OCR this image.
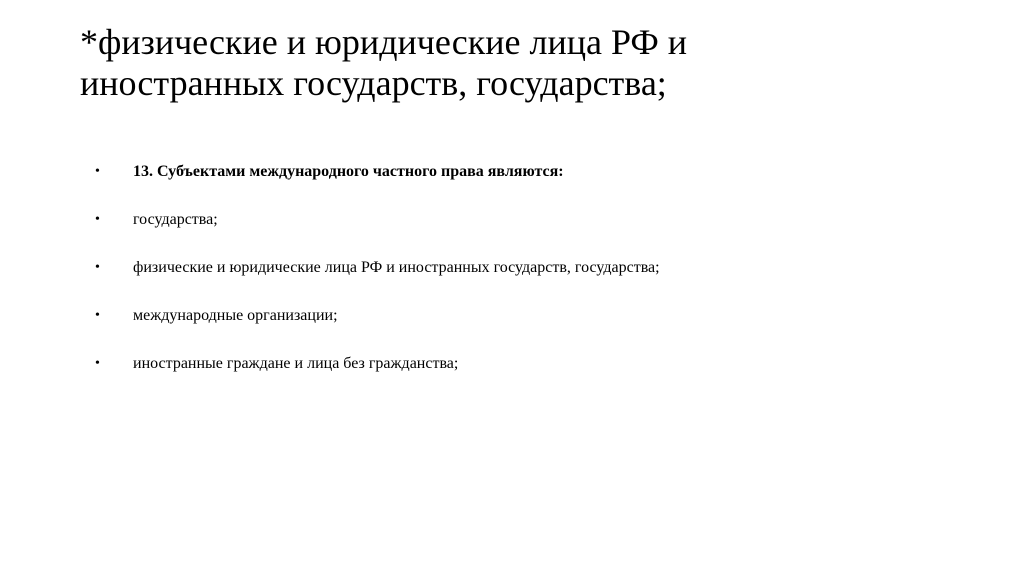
*физические и юридические лица РФ и
иностранных государств, государства;
•	13. Субъектами международного частного права являются:
•	государства;
•	физические и юридические лица РФ и иностранных государств, государства;
•	международные организации;
•	иностранные граждане и лица без гражданства;
